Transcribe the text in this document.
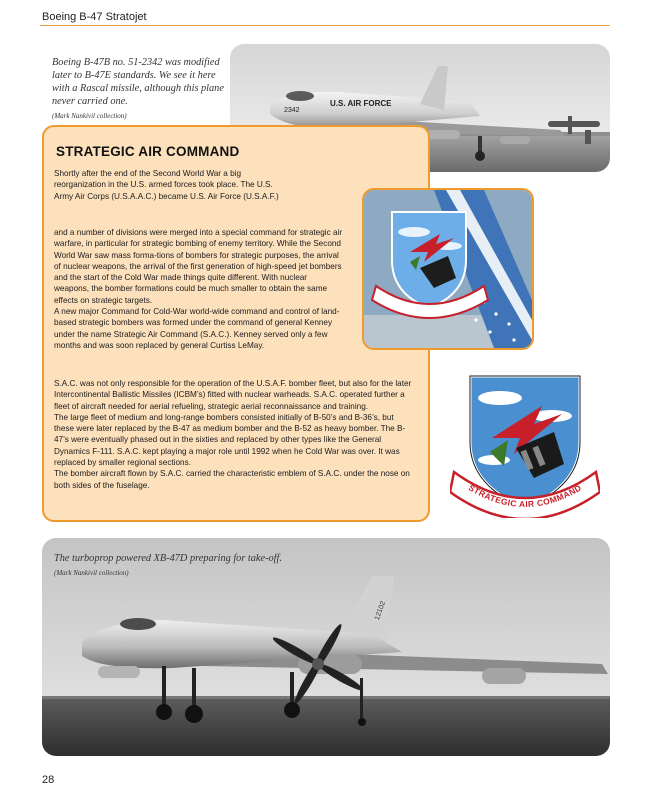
Boeing B-47 Stratojet
2342
U.S. AIR FORCE
Boeing B-47B no. 51-2342 was modified later to B-47E standards. We see it here with a Rascal missile, although this plane never carried one.
(Mark Nankivil collection)
STRATEGIC AIR COMMAND

Shortly after the end of the Second World War a big reorganization in the U.S. armed forces took place. The U.S. Army Air Corps (U.S.A.A.C.) became U.S. Air Force (U.S.A.F.)

and a number of divisions were merged into a special command for strategic air warfare, in particular for strategic bombing of enemy territory. While the Second World War saw mass forma-tions of bombers for strategic purposes, the arrival of nuclear weapons, the arrival of the first generation of high-speed jet bombers and the start of the Cold War made things quite different. With nuclear weapons, the bomber formations could be much smaller to obtain the same effects on strategic targets.

A new major Command for Cold-War world-wide command and control of land-based strategic bombers was formed under the command of general Kenney under the name Strategic Air Command (S.A.C.). Kenney served only a few months and was soon replaced by general Curtiss LeMay.

S.A.C. was not only responsible for the operation of the U.S.A.F. bomber fleet, but also for the later Intercontinental Ballistic Missiles (ICBM’s) fitted with nuclear warheads. S.A.C. operated further a fleet of aircraft needed for aerial refueling, strategic aerial reconnaissance and training.

The large fleet of medium and long-range bombers consisted initially of B-50’s and B-36’s, but these were later replaced by the B-47 as medium bomber and the B-52 as heavy bomber. The B-47’s were eventually phased out in the sixties and replaced by other types like the General Dynamics F-111. S.A.C. kept playing a major role until 1992 when he Cold War was over. It was replaced by smaller regional sections.

The bomber aircraft flown by S.A.C. carried the characteristic emblem of S.A.C. under the nose on both sides of the fuselage.	STRATEGIC AIR COMMAND
12102
The turboprop powered XB-47D preparing for take-off.
(Mark Nankivil collection)
28
